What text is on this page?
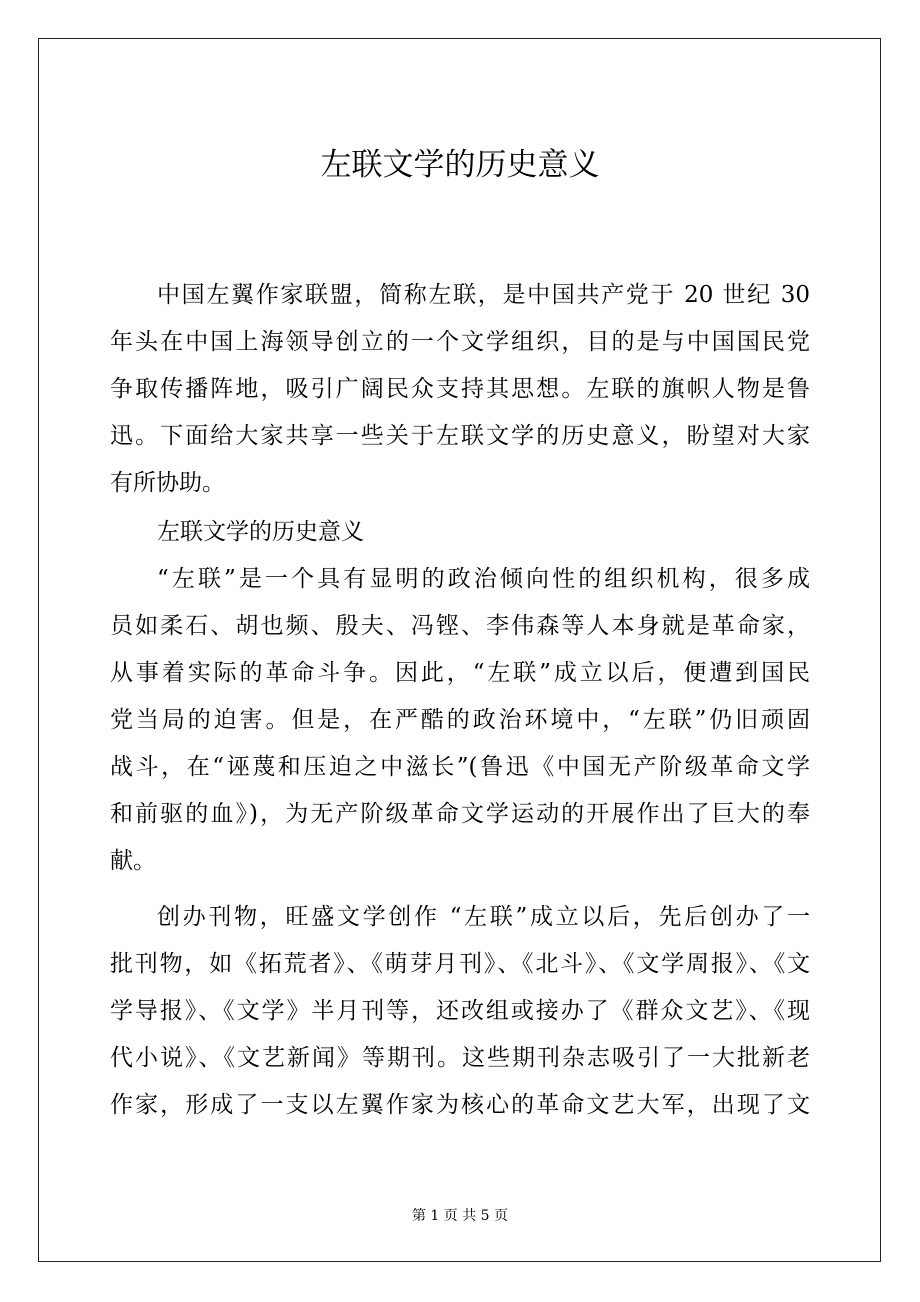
左联文学的历史意义
中国左翼作家联盟，简称左联，是中国共产党于 20 世纪 30
年头在中国上海领导创立的一个文学组织，目的是与中国国民党
争取传播阵地，吸引广阔民众支持其思想。左联的旗帜人物是鲁
迅。下面给大家共享一些关于左联文学的历史意义，盼望对大家
有所协助。
左联文学的历史意义
“左联”是一个具有显明的政治倾向性的组织机构，很多成
员如柔石、胡也频、殷夫、冯铿、李伟森等人本身就是革命家，
从事着实际的革命斗争。因此，“左联”成立以后，便遭到国民
党当局的迫害。但是，在严酷的政治环境中，“左联”仍旧顽固
战斗，在“诬蔑和压迫之中滋长”(鲁迅《中国无产阶级革命文学
和前驱的血》)，为无产阶级革命文学运动的开展作出了巨大的奉
献。
创办刊物，旺盛文学创作 “左联”成立以后，先后创办了一
批刊物，如《拓荒者》、《萌芽月刊》、《北斗》、《文学周报》、《文
学导报》、《文学》半月刊等，还改组或接办了《群众文艺》、《现
代小说》、《文艺新闻》等期刊。这些期刊杂志吸引了一大批新老
作家，形成了一支以左翼作家为核心的革命文艺大军，出现了文
第 1 页 共 5 页
